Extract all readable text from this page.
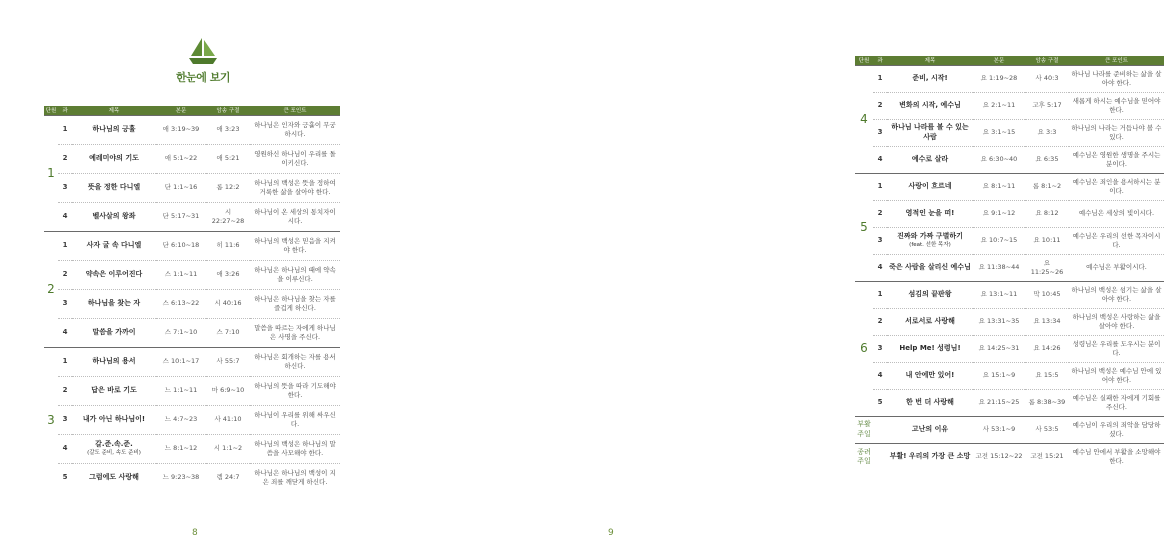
한눈에 보기
단원	과	제목	본문	암송 구절	큰 포인트
1	1	하나님의 긍휼	애 3:19~39	애 3:23	하나님은 인자와 긍휼이 무궁하시다.
	2	예레미야의 기도	애 5:1~22	애 5:21	영원하신 하나님이 우리를 돌이키신다.
	3	뜻을 정한 다니엘	단 1:1~16	롬 12:2	하나님의 백성은 뜻을 정하여 거룩한 삶을 살아야 한다.
	4	벨사살의 왕좌	단 5:17~31	시 22:27~28	하나님이 온 세상의 통치자이시다.
2	1	사자 굴 속 다니엘	단 6:10~18	히 11:6	하나님의 백성은 믿음을 지켜야 한다.
	2	약속은 이루어진다	스 1:1~11	애 3:26	하나님은 하나님의 때에 약속을 이루신다.
	3	하나님을 찾는 자	스 6:13~22	시 40:16	하나님은 하나님을 찾는 자를 즐겁게 하신다.
	4	말씀을 가까이	스 7:1~10	스 7:10	말씀을 따르는 자에게 하나님은 사명을 주신다.
3	1	하나님의 용서	스 10:1~17	사 55:7	하나님은 회개하는 자를 용서하신다.
	2	답은 바로 기도	느 1:1~11	마 6:9~10	하나님의 뜻을 따라 기도해야 한다.
	3	내가 아닌 하나님이!	느 4:7~23	사 41:10	하나님이 우리를 위해 싸우신다.
	4	갈.준.속.준.
(갈도 준비, 속도 준비)	느 8:1~12	시 1:1~2	하나님의 백성은 하나님의 말씀을 사모해야 한다.
	5	그럼에도 사랑해	느 9:23~38	렘 24:7	하나님은 하나님의 백성이 지은 죄를 깨닫게 하신다.
8
단원	과	제목	본문	암송 구절	큰 포인트
4	1	준비, 시작!	요 1:19~28	사 40:3	하나님 나라를 준비하는 삶을 살아야 한다.
	2	변화의 시작, 예수님	요 2:1~11	고후 5:17	새롭게 하시는 예수님을 믿어야 한다.
	3	하나님 나라를 볼 수 있는 사람	요 3:1~15	요 3:3	하나님의 나라는 거듭나야 볼 수 있다.
	4	예수로 살라	요 6:30~40	요 6:35	예수님은 영원한 생명을 주시는 분이다.
5	1	사랑이 흐르네	요 8:1~11	롬 8:1~2	예수님은 죄인을 용서하시는 분이다.
	2	영적인 눈을 떠!	요 9:1~12	요 8:12	예수님은 세상의 빛이시다.
	3	진짜와 가짜 구별하기
(feat. 선한 목자)	요 10:7~15	요 10:11	예수님은 우리의 선한 목자이시다.
	4	죽은 사람을 살리신 예수님	요 11:38~44	요 11:25~26	예수님은 부활이시다.
6	1	섬김의 끝판왕	요 13:1~11	막 10:45	하나님의 백성은 섬기는 삶을 살아야 한다.
	2	서로서로 사랑해	요 13:31~35	요 13:34	하나님의 백성은 사랑하는 삶을 살아야 한다.
	3	Help Me! 성령님!	요 14:25~31	요 14:26	성령님은 우리를 도우시는 분이다.
	4	내 안에만 있어!	요 15:1~9	요 15:5	하나님의 백성은 예수님 안에 있어야 한다.
	5	한 번 더 사랑해	요 21:15~25	롬 8:38~39	예수님은 실패한 자에게 기회를 주신다.
부활 주일		고난의 이유	사 53:1~9	사 53:5	예수님이 우리의 죄악을 담당하셨다.
종려 주일		부활! 우리의 가장 큰 소망	고전 15:12~22	고전 15:21	예수님 안에서 부활을 소망해야 한다.
9
